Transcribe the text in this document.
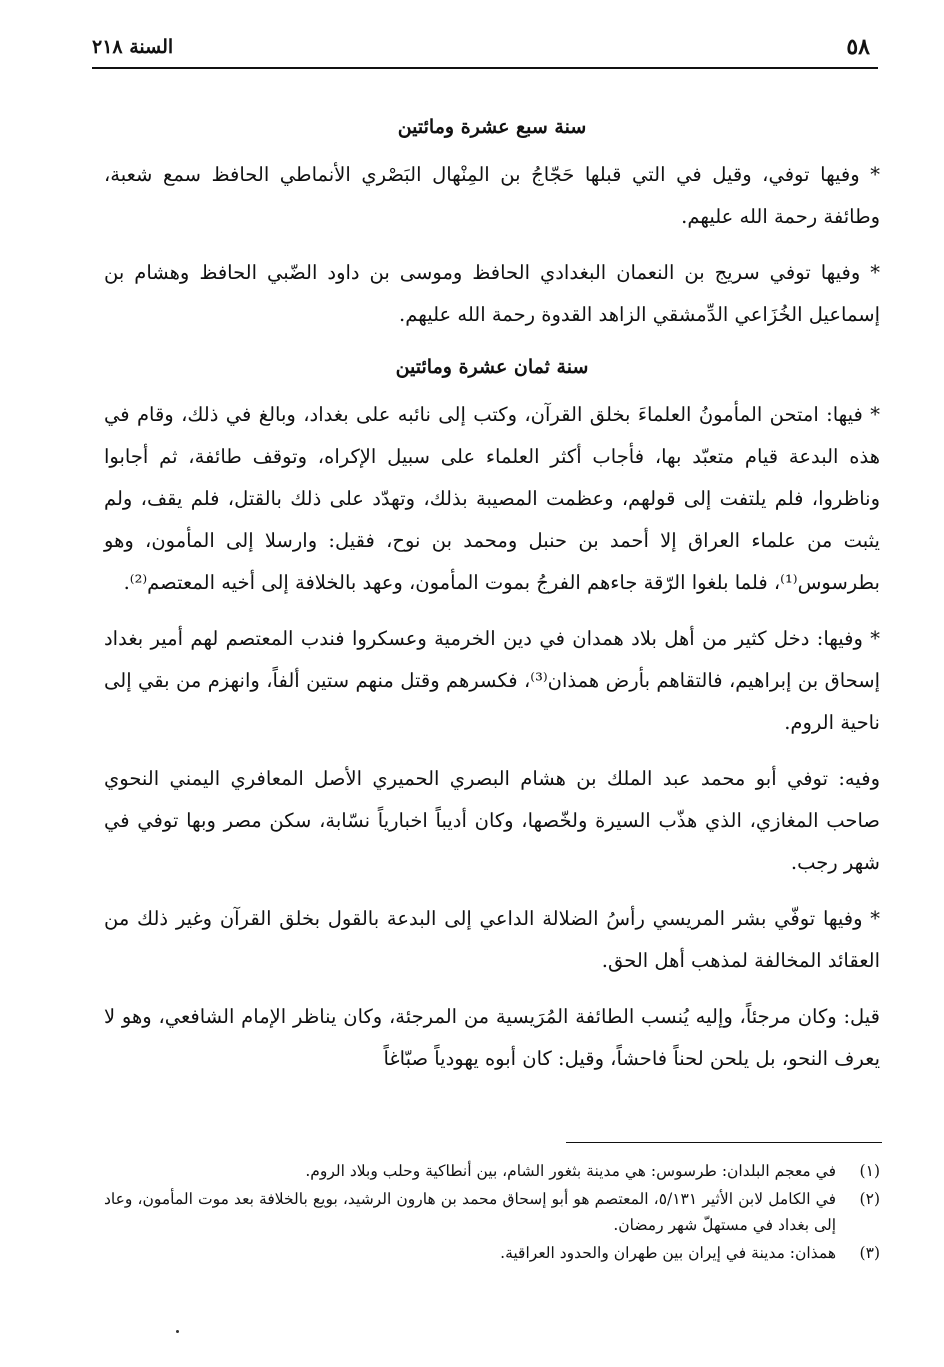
٥٨
السنة ٢١٨
سنة سبع عشرة ومائتين

* وفيها توفي، وقيل في التي قبلها حَجّاجُ بن المِنْهال البَصْري الأنماطي الحافظ سمع شعبة، وطائفة رحمة الله عليهم.

* وفيها توفي سريج بن النعمان البغدادي الحافظ وموسى بن داود الضّبي الحافظ وهشام بن إسماعيل الخُزَاعي الدِّمشقي الزاهد القدوة رحمة الله عليهم.

سنة ثمان عشرة ومائتين

* فيها: امتحن المأمونُ العلماءَ بخلق القرآن، وكتب إلى نائبه على بغداد، وبالغ في ذلك، وقام في هذه البدعة قيام متعبّد بها، فأجاب أكثر العلماء على سبيل الإكراه، وتوقف طائفة، ثم أجابوا وناظروا، فلم يلتفت إلى قولهم، وعظمت المصيبة بذلك، وتهدّد على ذلك بالقتل، فلم يقف، ولم يثبت من علماء العراق إلا أحمد بن حنبل ومحمد بن نوح، فقيل: وارسلا إلى المأمون، وهو بطرسوس⁽¹⁾، فلما بلغوا الرّقة جاءهم الفرجُ بموت المأمون، وعهد بالخلافة إلى أخيه المعتصم⁽²⁾.

* وفيها: دخل كثير من أهل بلاد همدان في دين الخرمية وعسكروا فندب المعتصم لهم أمير بغداد إسحاق بن إبراهيم، فالتقاهم بأرض همذان⁽³⁾، فكسرهم وقتل منهم ستين ألفاً، وانهزم من بقي إلى ناحية الروم.

وفيه: توفي أبو محمد عبد الملك بن هشام البصري الحميري الأصل المعافري اليمني النحوي صاحب المغازي، الذي هذّب السيرة ولخّصها، وكان أديباً اخبارياً نسّابة، سكن مصر وبها توفي في شهر رجب.

* وفيها توفّي بشر المريسي رأسُ الضلالة الداعي إلى البدعة بالقول بخلق القرآن وغير ذلك من العقائد المخالفة لمذهب أهل الحق.

قيل: وكان مرجئاً، وإليه يُنسب الطائفة المُرَيسية من المرجئة، وكان يناظر الإمام الشافعي، وهو لا يعرف النحو، بل يلحن لحناً فاحشاً، وقيل: كان أبوه يهودياً صبّاغاً

(١)
في معجم البلدان: طرسوس: هي مدينة بثغور الشام، بين أنطاكية وحلب وبلاد الروم.
(٢)
في الكامل لابن الأثير ٥/١٣١، المعتصم هو أبو إسحاق محمد بن هارون الرشيد، بويع بالخلافة بعد موت المأمون، وعاد إلى بغداد في مستهلّ شهر رمضان.
(٣)
همذان: مدينة في إيران بين طهران والحدود العراقية.
